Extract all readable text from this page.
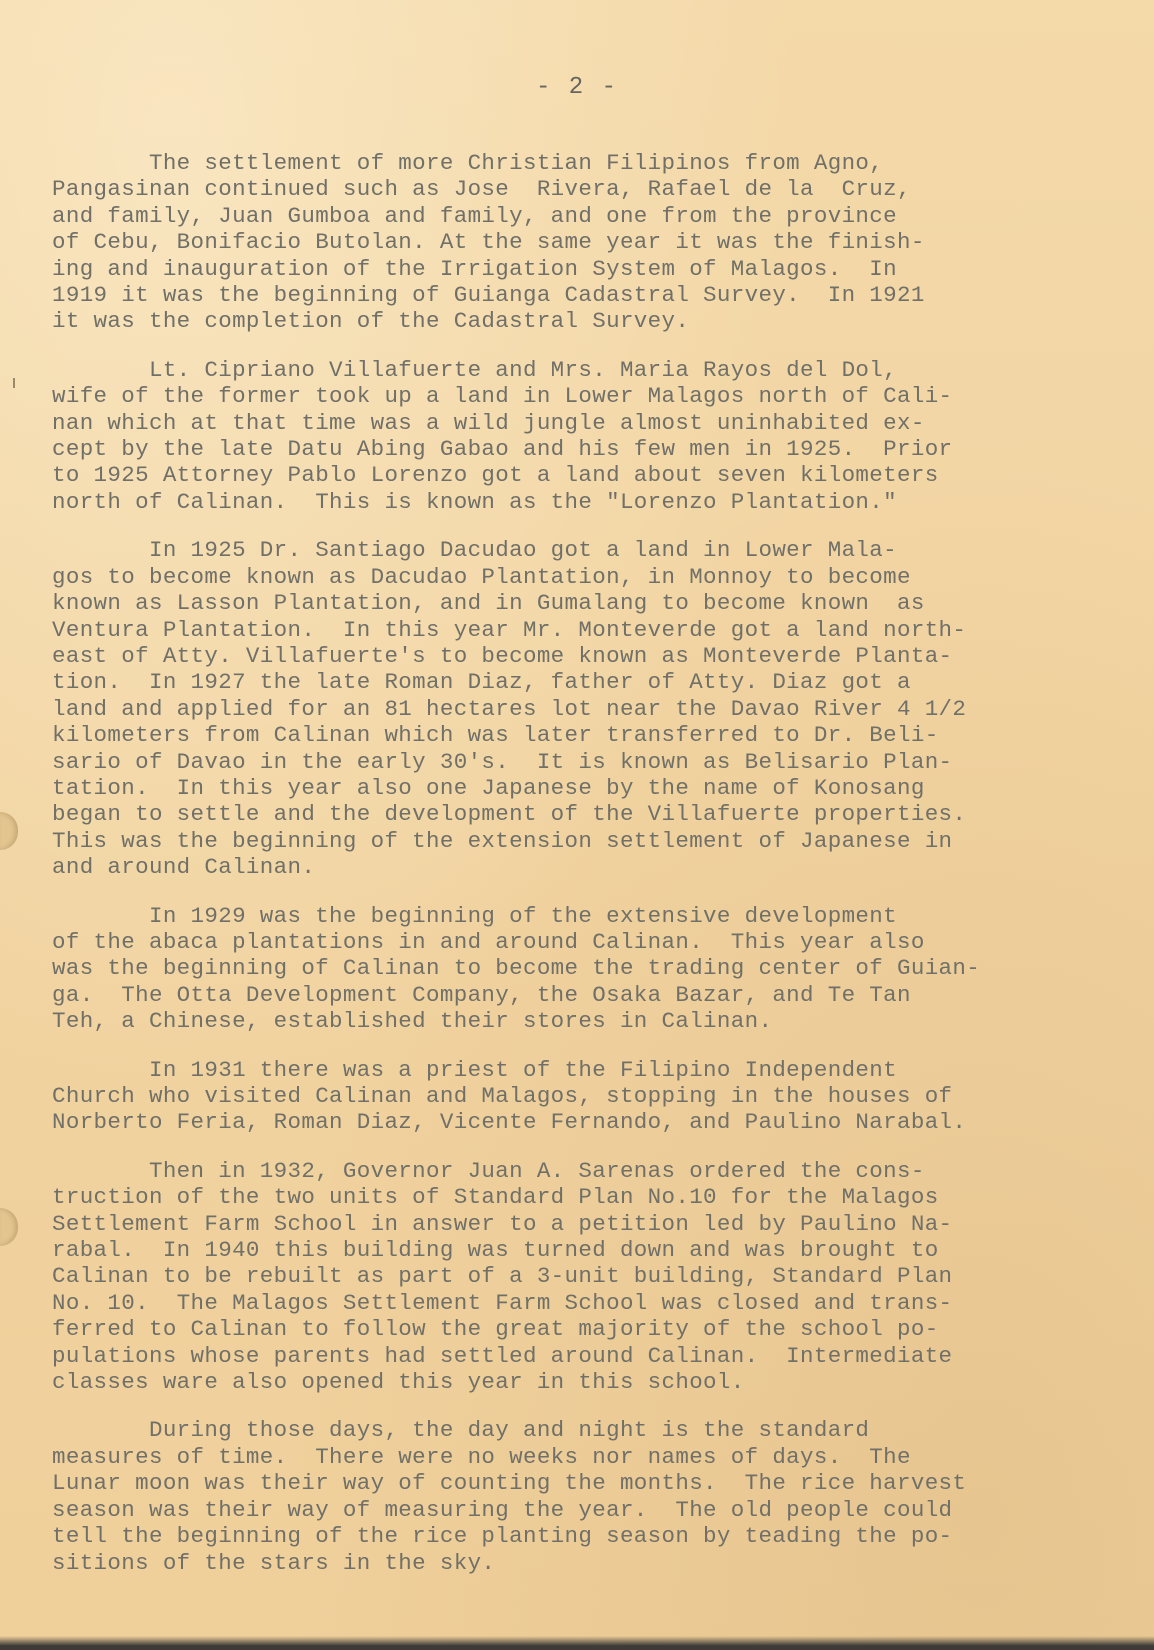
- 2 -
The settlement of more Christian Filipinos from Agno,
Pangasinan continued such as Jose  Rivera, Rafael de la  Cruz,
and family, Juan Gumboa and family, and one from the province
of Cebu, Bonifacio Butolan. At the same year it was the finish-
ing and inauguration of the Irrigation System of Malagos.  In
1919 it was the beginning of Guianga Cadastral Survey.  In 1921
it was the completion of the Cadastral Survey.
Lt. Cipriano Villafuerte and Mrs. Maria Rayos del Dol,
wife of the former took up a land in Lower Malagos north of Cali-
nan which at that time was a wild jungle almost uninhabited ex-
cept by the late Datu Abing Gabao and his few men in 1925.  Prior
to 1925 Attorney Pablo Lorenzo got a land about seven kilometers
north of Calinan.  This is known as the "Lorenzo Plantation."
In 1925 Dr. Santiago Dacudao got a land in Lower Mala-
gos to become known as Dacudao Plantation, in Monnoy to become
known as Lasson Plantation, and in Gumalang to become known  as
Ventura Plantation.  In this year Mr. Monteverde got a land north-
east of Atty. Villafuerte's to become known as Monteverde Planta-
tion.  In 1927 the late Roman Diaz, father of Atty. Diaz got a
land and applied for an 81 hectares lot near the Davao River 4 1/2
kilometers from Calinan which was later transferred to Dr. Beli-
sario of Davao in the early 30's.  It is known as Belisario Plan-
tation.  In this year also one Japanese by the name of Konosang
began to settle and the development of the Villafuerte properties.
This was the beginning of the extension settlement of Japanese in
and around Calinan.
In 1929 was the beginning of the extensive development
of the abaca plantations in and around Calinan.  This year also
was the beginning of Calinan to become the trading center of Guian-
ga.  The Otta Development Company, the Osaka Bazar, and Te Tan
Teh, a Chinese, established their stores in Calinan.
In 1931 there was a priest of the Filipino Independent
Church who visited Calinan and Malagos, stopping in the houses of
Norberto Feria, Roman Diaz, Vicente Fernando, and Paulino Narabal.
Then in 1932, Governor Juan A. Sarenas ordered the cons-
truction of the two units of Standard Plan No.10 for the Malagos
Settlement Farm School in answer to a petition led by Paulino Na-
rabal.  In 1940 this building was turned down and was brought to
Calinan to be rebuilt as part of a 3-unit building, Standard Plan
No. 10.  The Malagos Settlement Farm School was closed and trans-
ferred to Calinan to follow the great majority of the school po-
pulations whose parents had settled around Calinan.  Intermediate
classes ware also opened this year in this school.
During those days, the day and night is the standard
measures of time.  There were no weeks nor names of days.  The
Lunar moon was their way of counting the months.  The rice harvest
season was their way of measuring the year.  The old people could
tell the beginning of the rice planting season by teading the po-
sitions of the stars in the sky.
